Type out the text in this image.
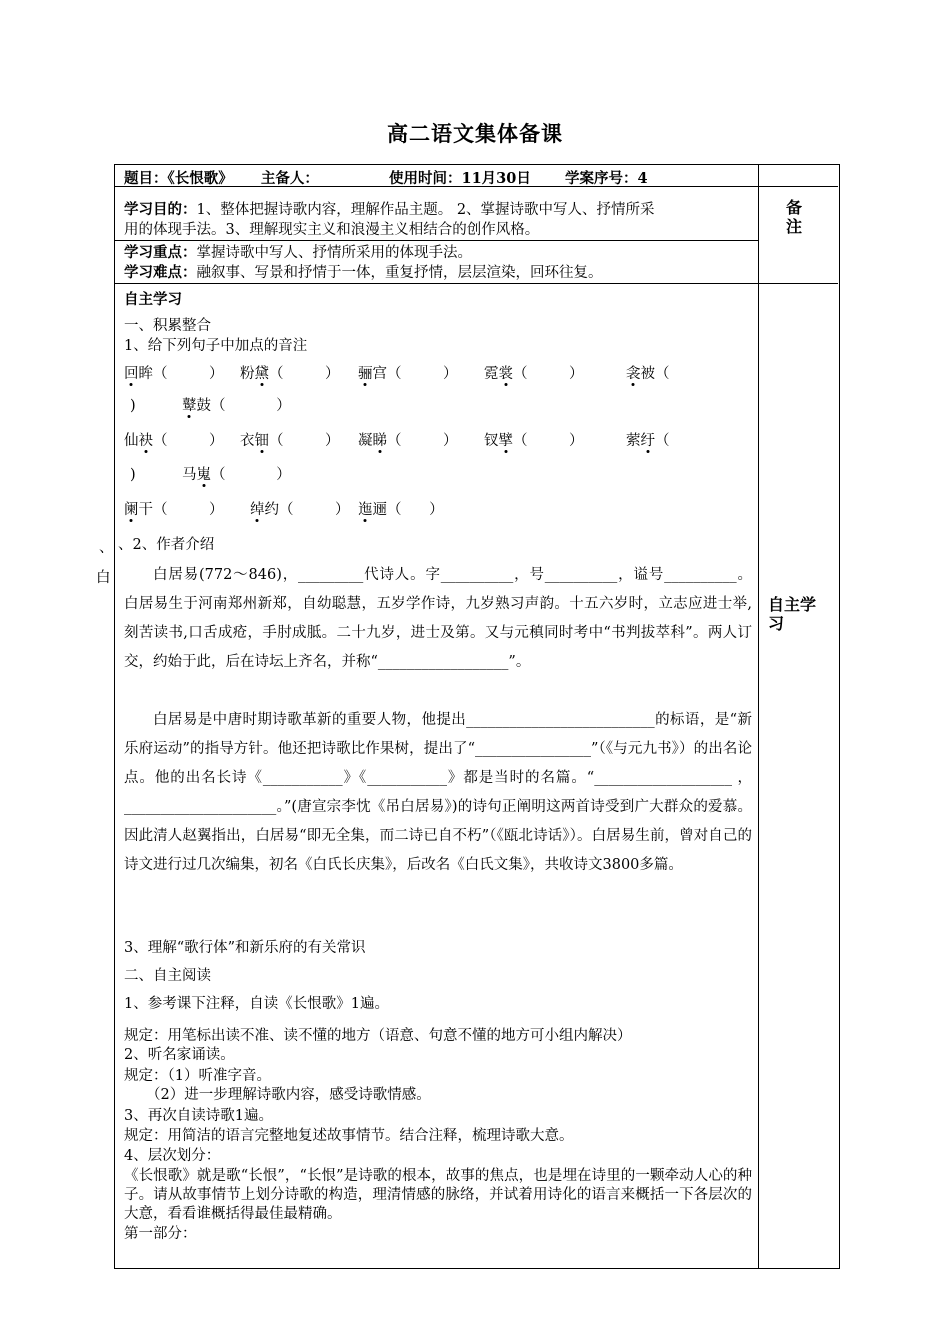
高二语文集体备课
题目：《长恨歌》 主备人：	使用时间：11月30日 学案序号：4
学习目的：1、整体把握诗歌内容，理解作品主题。 2、掌握诗歌中写人、抒情所采
用的体现手法。3、理解现实主义和浪漫主义相结合的创作风格。
学习重点：掌握诗歌中写人、抒情所采用的体现手法。
学习难点：融叙事、写景和抒情于一体，重复抒情，层层渲染，回环往复。
备
注
自主学
习
、
白
自主学习
一、积累整合
1、给下列句子中加点的音注
回眸（         ） 粉黛（         ） 骊宫（         ） 霓裳（         ）	衾被（
)	鼙鼓（           ）
仙袂（         ） 衣钿（         ） 凝睇（         ） 钗擘（         ）	萦纡（
)	马嵬（           ）
阑干（         ） 绰约（         ） 迤逦（      ）
、2、作者介绍
白居易(772～846)，_________代诗人。字__________，号__________，谥号__________。 白居易生于河南郑州新郑，自幼聪慧，五岁学作诗，九岁熟习声韵。十五六岁时，立志应进士举,刻苦读书,口舌成疮，手肘成胝。二十九岁，进士及第。又与元稹同时考中“书判拔萃科”。两人订交，约始于此，后在诗坛上齐名，并称“__________________”。
白居易是中唐时期诗歌革新的重要人物，他提出__________________________的标语，是“新乐府运动”的指导方针。他还把诗歌比作果树，提出了“________________”（《与元九书》）的出名论点。他的出名长诗《___________》《___________》都是当时的名篇。“___________________ ，_____________________。”(唐宣宗李忱《吊白居易》)的诗句正阐明这两首诗受到广大群众的爱慕。因此清人赵翼指出，白居易“即无全集，而二诗已自不朽”（《瓯北诗话》）。白居易生前，曾对自己的诗文进行过几次编集，初名《白氏长庆集》，后改名《白氏文集》，共收诗文3800多篇。
3、理解“歌行体”和新乐府的有关常识
二、自主阅读
1、参考课下注释，自读《长恨歌》1遍。
规定：用笔标出读不准、读不懂的地方（语意、句意不懂的地方可小组内解决）
2、听名家诵读。
规定：（1）听准字音。
（2）进一步理解诗歌内容，感受诗歌情感。
3、再次自读诗歌1遍。
规定：用简洁的语言完整地复述故事情节。结合注释，梳理诗歌大意。
4、层次划分：
《长恨歌》就是歌“长恨”，“长恨”是诗歌的根本，故事的焦点，也是埋在诗里的一颗牵动人心的种子。请从故事情节上划分诗歌的构造，理清情感的脉络，并试着用诗化的语言来概括一下各层次的大意，看看谁概括得最佳最精确。
第一部分：
